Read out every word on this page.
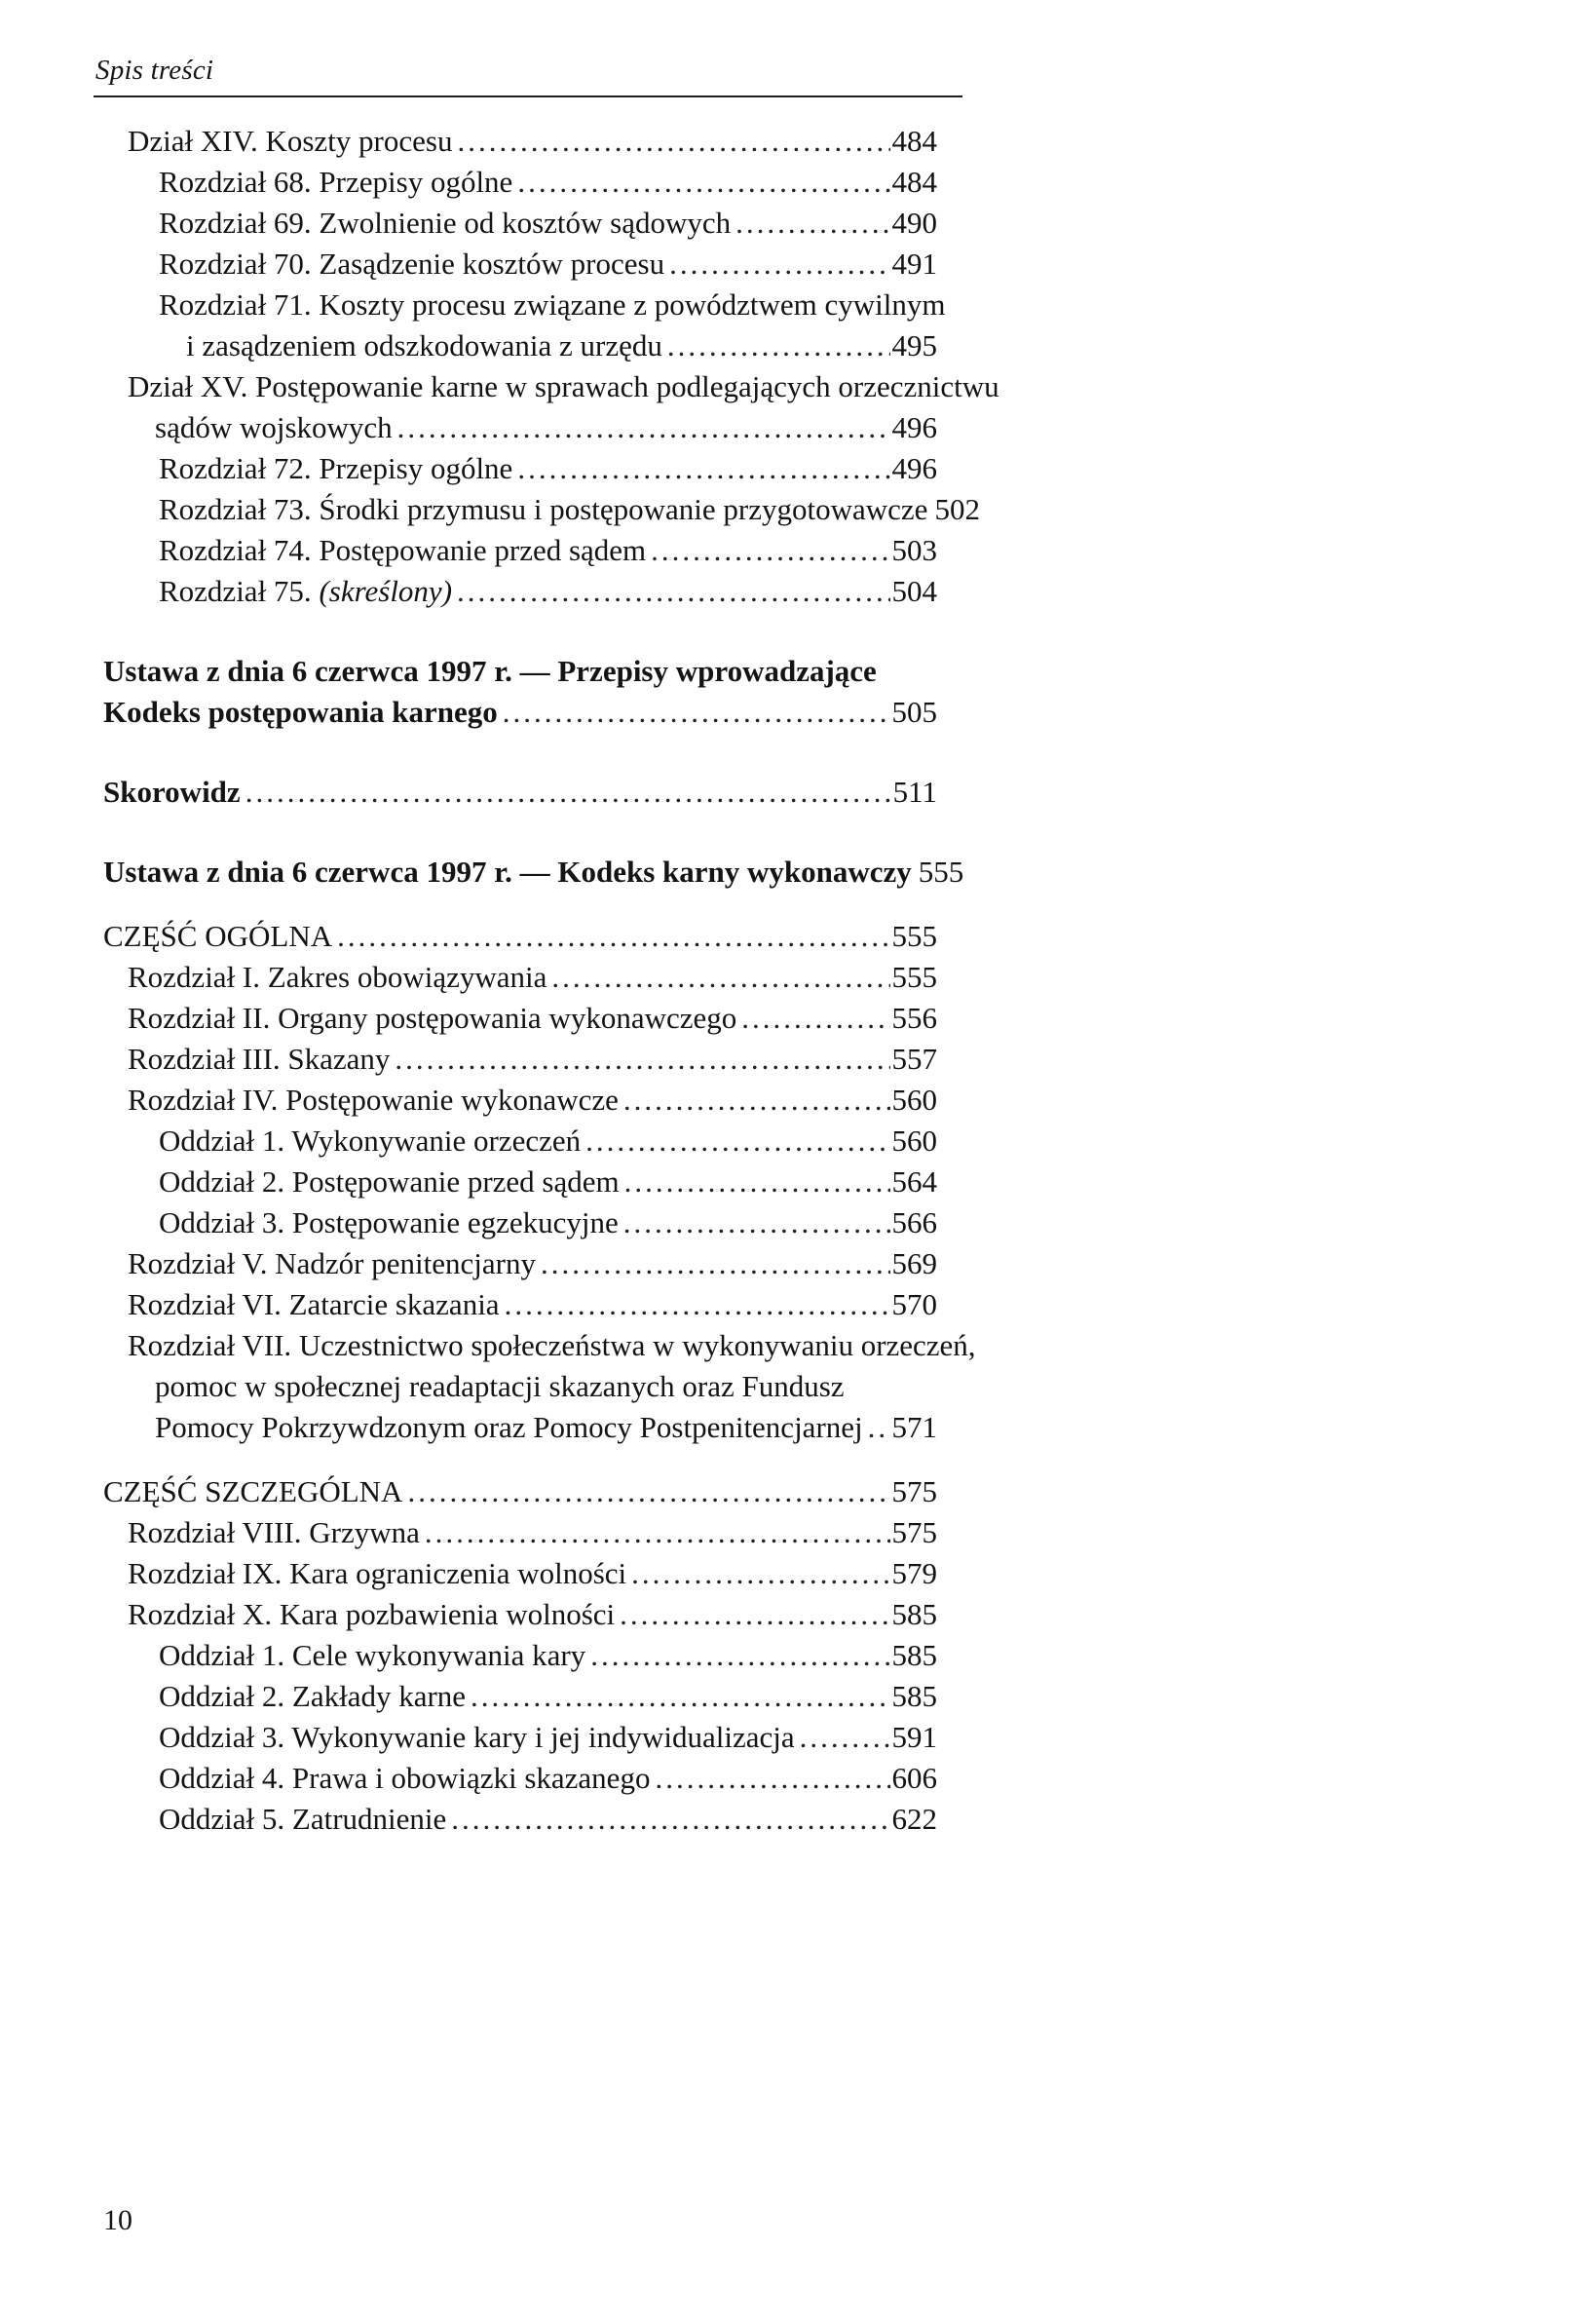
Spis treści
Dział XIV. Koszty procesu .....	484
Rozdział 68. Przepisy ogólne .....	484
Rozdział 69. Zwolnienie od kosztów sądowych .....	490
Rozdział 70. Zasądzenie kosztów procesu .....	491
Rozdział 71. Koszty procesu związane z powództwem cywilnym
i zasądzeniem odszkodowania z urzędu .....	495
Dział XV. Postępowanie karne w sprawach podlegających orzecznictwu
sądów wojskowych .....	496
Rozdział 72. Przepisy ogólne .....	496
Rozdział 73. Środki przymusu i postępowanie przygotowawcze 502
Rozdział 74. Postępowanie przed sądem .....	503
Rozdział 75. (skreślony) .....	504
Ustawa z dnia 6 czerwca 1997 r. — Przepisy wprowadzające
Kodeks postępowania karnego .....	505
Skorowidz .....	511
Ustawa z dnia 6 czerwca 1997 r. — Kodeks karny wykonawczy 555
CZĘŚĆ OGÓLNA .....	555
Rozdział I. Zakres obowiązywania .....	555
Rozdział II. Organy postępowania wykonawczego .....	556
Rozdział III. Skazany .....	557
Rozdział IV. Postępowanie wykonawcze .....	560
Oddział 1. Wykonywanie orzeczeń .....	560
Oddział 2. Postępowanie przed sądem .....	564
Oddział 3. Postępowanie egzekucyjne .....	566
Rozdział V. Nadzór penitencjarny .....	569
Rozdział VI. Zatarcie skazania .....	570
Rozdział VII. Uczestnictwo społeczeństwa w wykonywaniu orzeczeń,
pomoc w społecznej readaptacji skazanych oraz Fundusz
Pomocy Pokrzywdzonym oraz Pomocy Postpenitencjarnej ..... 571
CZĘŚĆ SZCZEGÓLNA .....	575
Rozdział VIII. Grzywna .....	575
Rozdział IX. Kara ograniczenia wolności .....	579
Rozdział X. Kara pozbawienia wolności .....	585
Oddział 1. Cele wykonywania kary .....	585
Oddział 2. Zakłady karne .....	585
Oddział 3. Wykonywanie kary i jej indywidualizacja .....	591
Oddział 4. Prawa i obowiązki skazanego .....	606
Oddział 5. Zatrudnienie .....	622
10
